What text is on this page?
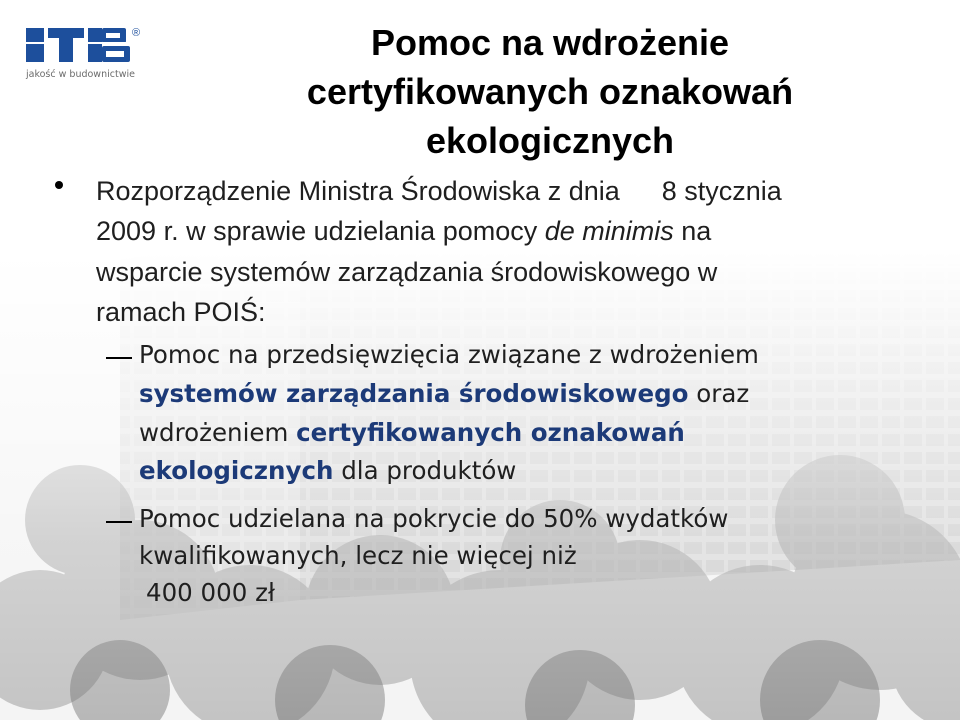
®
jakość w budownictwie
Pomoc na wdrożenie
certyfikowanych oznakowań
ekologicznych
Rozporządzenie Ministra Środowiska z dnia 8 stycznia
2009 r. w sprawie udzielania pomocy de minimis na
wsparcie systemów zarządzania środowiskowego w
ramach POIŚ:
Pomoc na przedsięwzięcia związane z wdrożeniem
systemów zarządzania środowiskowego oraz
wdrożeniem certyfikowanych oznakowań
ekologicznych dla produktów
Pomoc udzielana na pokrycie do 50% wydatków
kwalifikowanych, lecz nie więcej niż
400 000 zł
